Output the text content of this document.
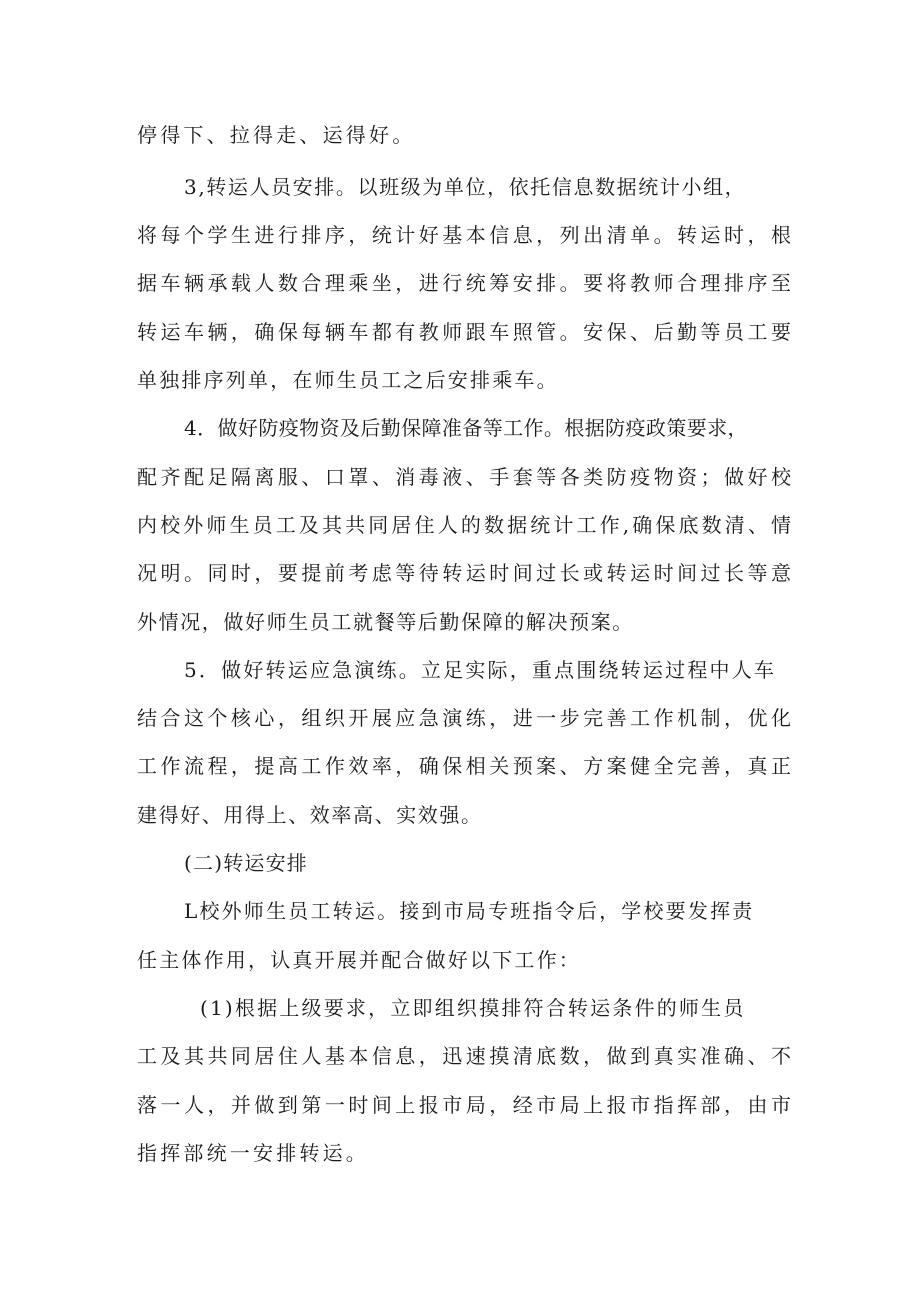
停得下、拉得走、运得好。

3,转运人员安排。以班级为单位，依托信息数据统计小组，

将每个学生进行排序，统计好基本信息，列出清单。转运时，根

据车辆承载人数合理乘坐，进行统筹安排。要将教师合理排序至

转运车辆，确保每辆车都有教师跟车照管。安保、后勤等员工要

单独排序列单，在师生员工之后安排乘车。

4．做好防疫物资及后勤保障准备等工作。根据防疫政策要求，

配齐配足隔离服、口罩、消毒液、手套等各类防疫物资；做好校

内校外师生员工及其共同居住人的数据统计工作,确保底数清、情

况明。同时，要提前考虑等待转运时间过长或转运时间过长等意

外情况，做好师生员工就餐等后勤保障的解决预案。

5．做好转运应急演练。立足实际，重点围绕转运过程中人车

结合这个核心，组织开展应急演练，进一步完善工作机制，优化

工作流程，提高工作效率，确保相关预案、方案健全完善，真正

建得好、用得上、效率高、实效强。

(二)转运安排

L校外师生员工转运。接到市局专班指令后，学校要发挥责

任主体作用，认真开展并配合做好以下工作：

(1)根据上级要求，立即组织摸排符合转运条件的师生员

工及其共同居住人基本信息，迅速摸清底数，做到真实准确、不

落一人，并做到第一时间上报市局，经市局上报市指挥部，由市

指挥部统一安排转运。
